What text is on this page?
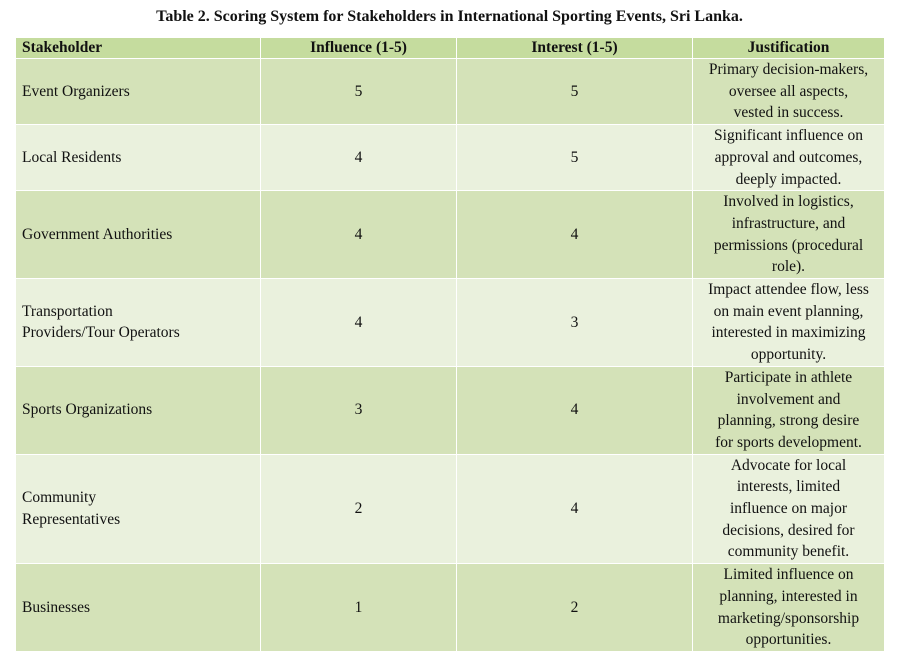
Table 2. Scoring System for Stakeholders in International Sporting Events, Sri Lanka.
Stakeholder	Influence (1-5)	Interest (1-5)	Justification
Event Organizers	5	5	Primary decision-makers,
oversee all aspects,
vested in success.
Local Residents	4	5	Significant influence on
approval and outcomes,
deeply impacted.
Government Authorities	4	4	Involved in logistics,
infrastructure, and
permissions (procedural
role).
Transportation
Providers/Tour Operators	4	3	Impact attendee flow, less
on main event planning,
interested in maximizing
opportunity.
Sports Organizations	3	4	Participate in athlete
involvement and
planning, strong desire
for sports development.
Community
Representatives	2	4	Advocate for local
interests, limited
influence on major
decisions, desired for
community benefit.
Businesses	1	2	Limited influence on
planning, interested in
marketing/sponsorship
opportunities.
